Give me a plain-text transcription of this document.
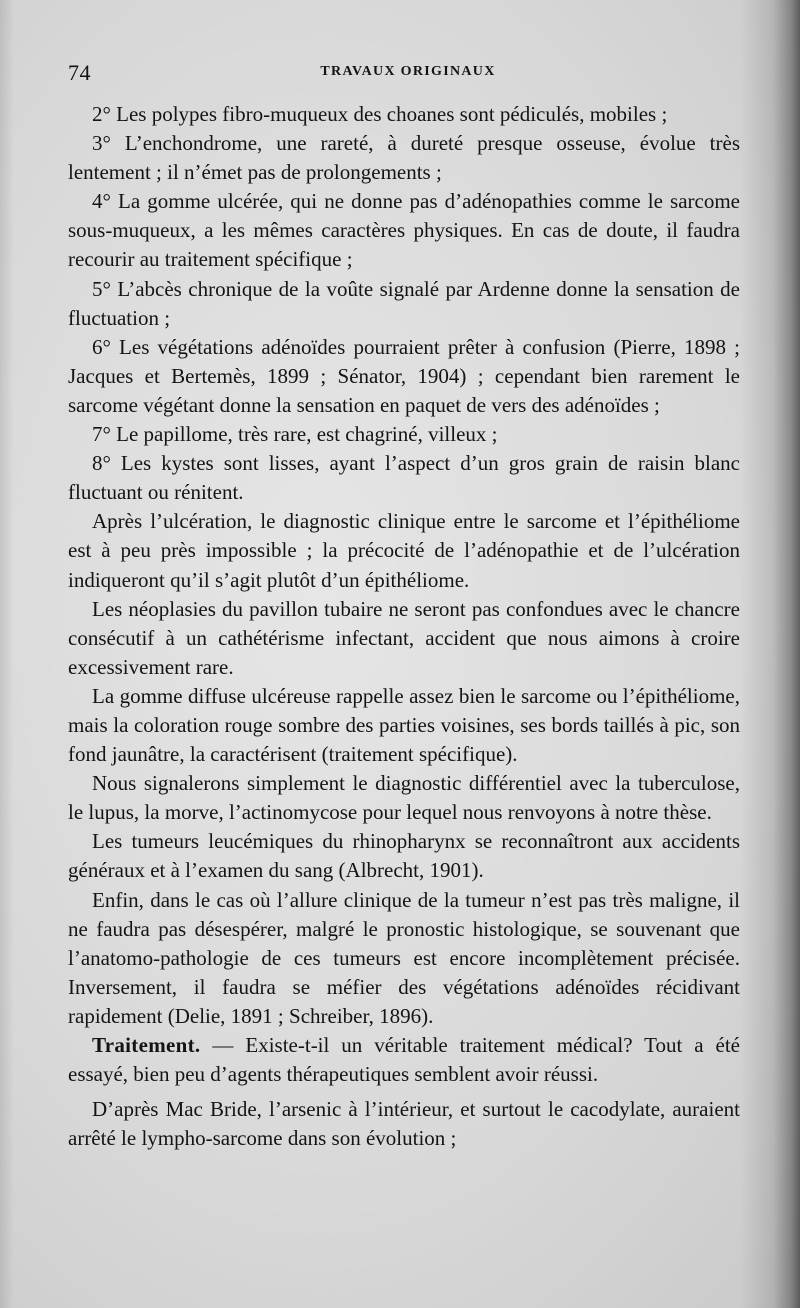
74	TRAVAUX ORIGINAUX

2° Les polypes fibro-muqueux des choanes sont pédiculés, mobiles ;

3° L’enchondrome, une rareté, à dureté presque osseuse, évolue très lentement ; il n’émet pas de prolongements ;

4° La gomme ulcérée, qui ne donne pas d’adénopathies comme le sarcome sous-muqueux, a les mêmes caractères physiques. En cas de doute, il faudra recourir au traitement spécifique ;

5° L’abcès chronique de la voûte signalé par Ardenne donne la sensation de fluctuation ;

6° Les végétations adénoïdes pourraient prêter à confusion (Pierre, 1898 ; Jacques et Bertemès, 1899 ; Sénator, 1904) ; cependant bien rarement le sarcome végétant donne la sensation en paquet de vers des adénoïdes ;

7° Le papillome, très rare, est chagriné, villeux ;

8° Les kystes sont lisses, ayant l’aspect d’un gros grain de raisin blanc fluctuant ou rénitent.

Après l’ulcération, le diagnostic clinique entre le sarcome et l’épithéliome est à peu près impossible ; la précocité de l’adénopathie et de l’ulcération indiqueront qu’il s’agit plutôt d’un épithéliome.

Les néoplasies du pavillon tubaire ne seront pas confondues avec le chancre consécutif à un cathétérisme infectant, accident que nous aimons à croire excessivement rare.

La gomme diffuse ulcéreuse rappelle assez bien le sarcome ou l’épithéliome, mais la coloration rouge sombre des parties voisines, ses bords taillés à pic, son fond jaunâtre, la caractérisent (traitement spécifique).

Nous signalerons simplement le diagnostic différentiel avec la tuberculose, le lupus, la morve, l’actinomycose pour lequel nous renvoyons à notre thèse.

Les tumeurs leucémiques du rhinopharynx se reconnaîtront aux accidents généraux et à l’examen du sang (Albrecht, 1901).

Enfin, dans le cas où l’allure clinique de la tumeur n’est pas très maligne, il ne faudra pas désespérer, malgré le pronostic histologique, se souvenant que l’anatomo-pathologie de ces tumeurs est encore incomplètement précisée. Inversement, il faudra se méfier des végétations adénoïdes récidivant rapidement (Delie, 1891 ; Schreiber, 1896).

Traitement. — Existe-t-il un véritable traitement médical? Tout a été essayé, bien peu d’agents thérapeutiques semblent avoir réussi.

D’après Mac Bride, l’arsenic à l’intérieur, et surtout le cacodylate, auraient arrêté le lympho-sarcome dans son évolution ;
